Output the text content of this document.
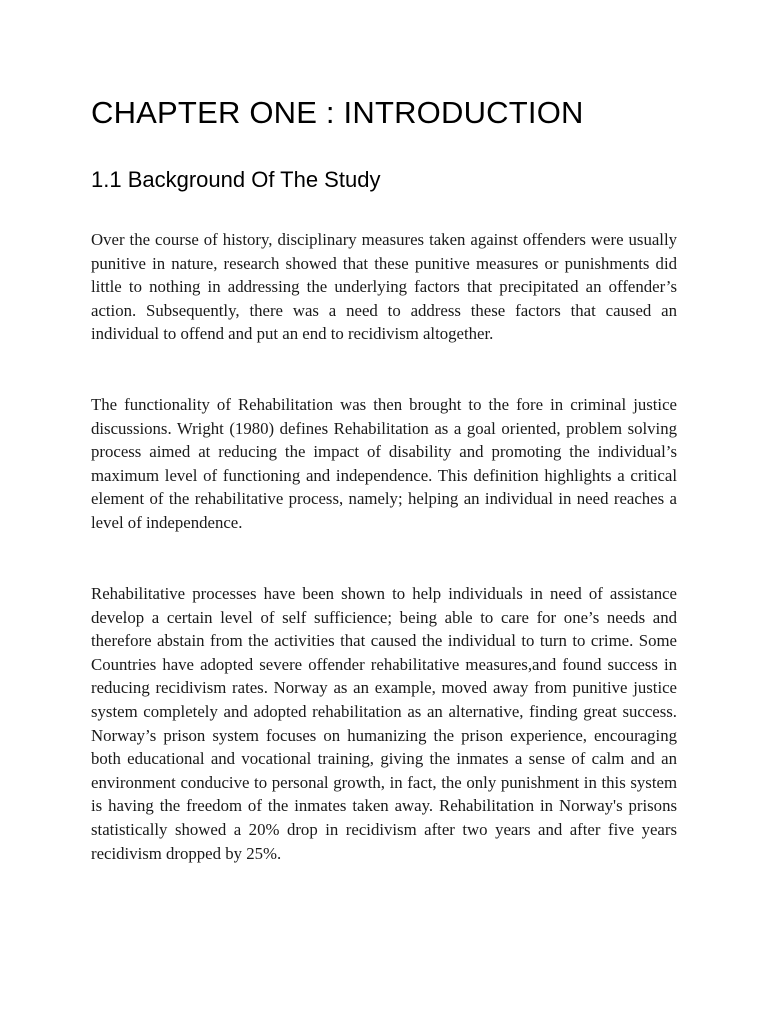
CHAPTER ONE : INTRODUCTION
1.1 Background Of The Study

Over the course of history, disciplinary measures taken against offenders were usually punitive in nature, research showed that these punitive measures or punishments did little to nothing in addressing the underlying factors that precipitated an offender’s action. Subsequently, there was a need to address these factors that caused an individual to offend and put an end to recidivism altogether.

The functionality of Rehabilitation was then brought to the fore in criminal justice discussions. Wright (1980) defines Rehabilitation as a goal oriented, problem solving process aimed at reducing the impact of disability and promoting the individual’s maximum level of functioning and independence. This definition highlights a critical element of the rehabilitative process, namely; helping an individual in need reaches a level of independence.

Rehabilitative processes have been shown to help individuals in need of assistance develop a certain level of self sufficience; being able to care for one’s needs and therefore abstain from the activities that caused the individual to turn to crime. Some Countries have adopted severe offender rehabilitative measures,and found success in reducing recidivism rates. Norway as an example, moved away from punitive justice system completely and adopted rehabilitation as an alternative, finding great success. Norway’s prison system focuses on humanizing the prison experience, encouraging both educational and vocational training, giving the inmates a sense of calm and an environment conducive to personal growth, in fact, the only punishment in this system is having the freedom of the inmates taken away. Rehabilitation in Norway's prisons statistically showed a 20% drop in recidivism after two years and after five years recidivism dropped by 25%.
